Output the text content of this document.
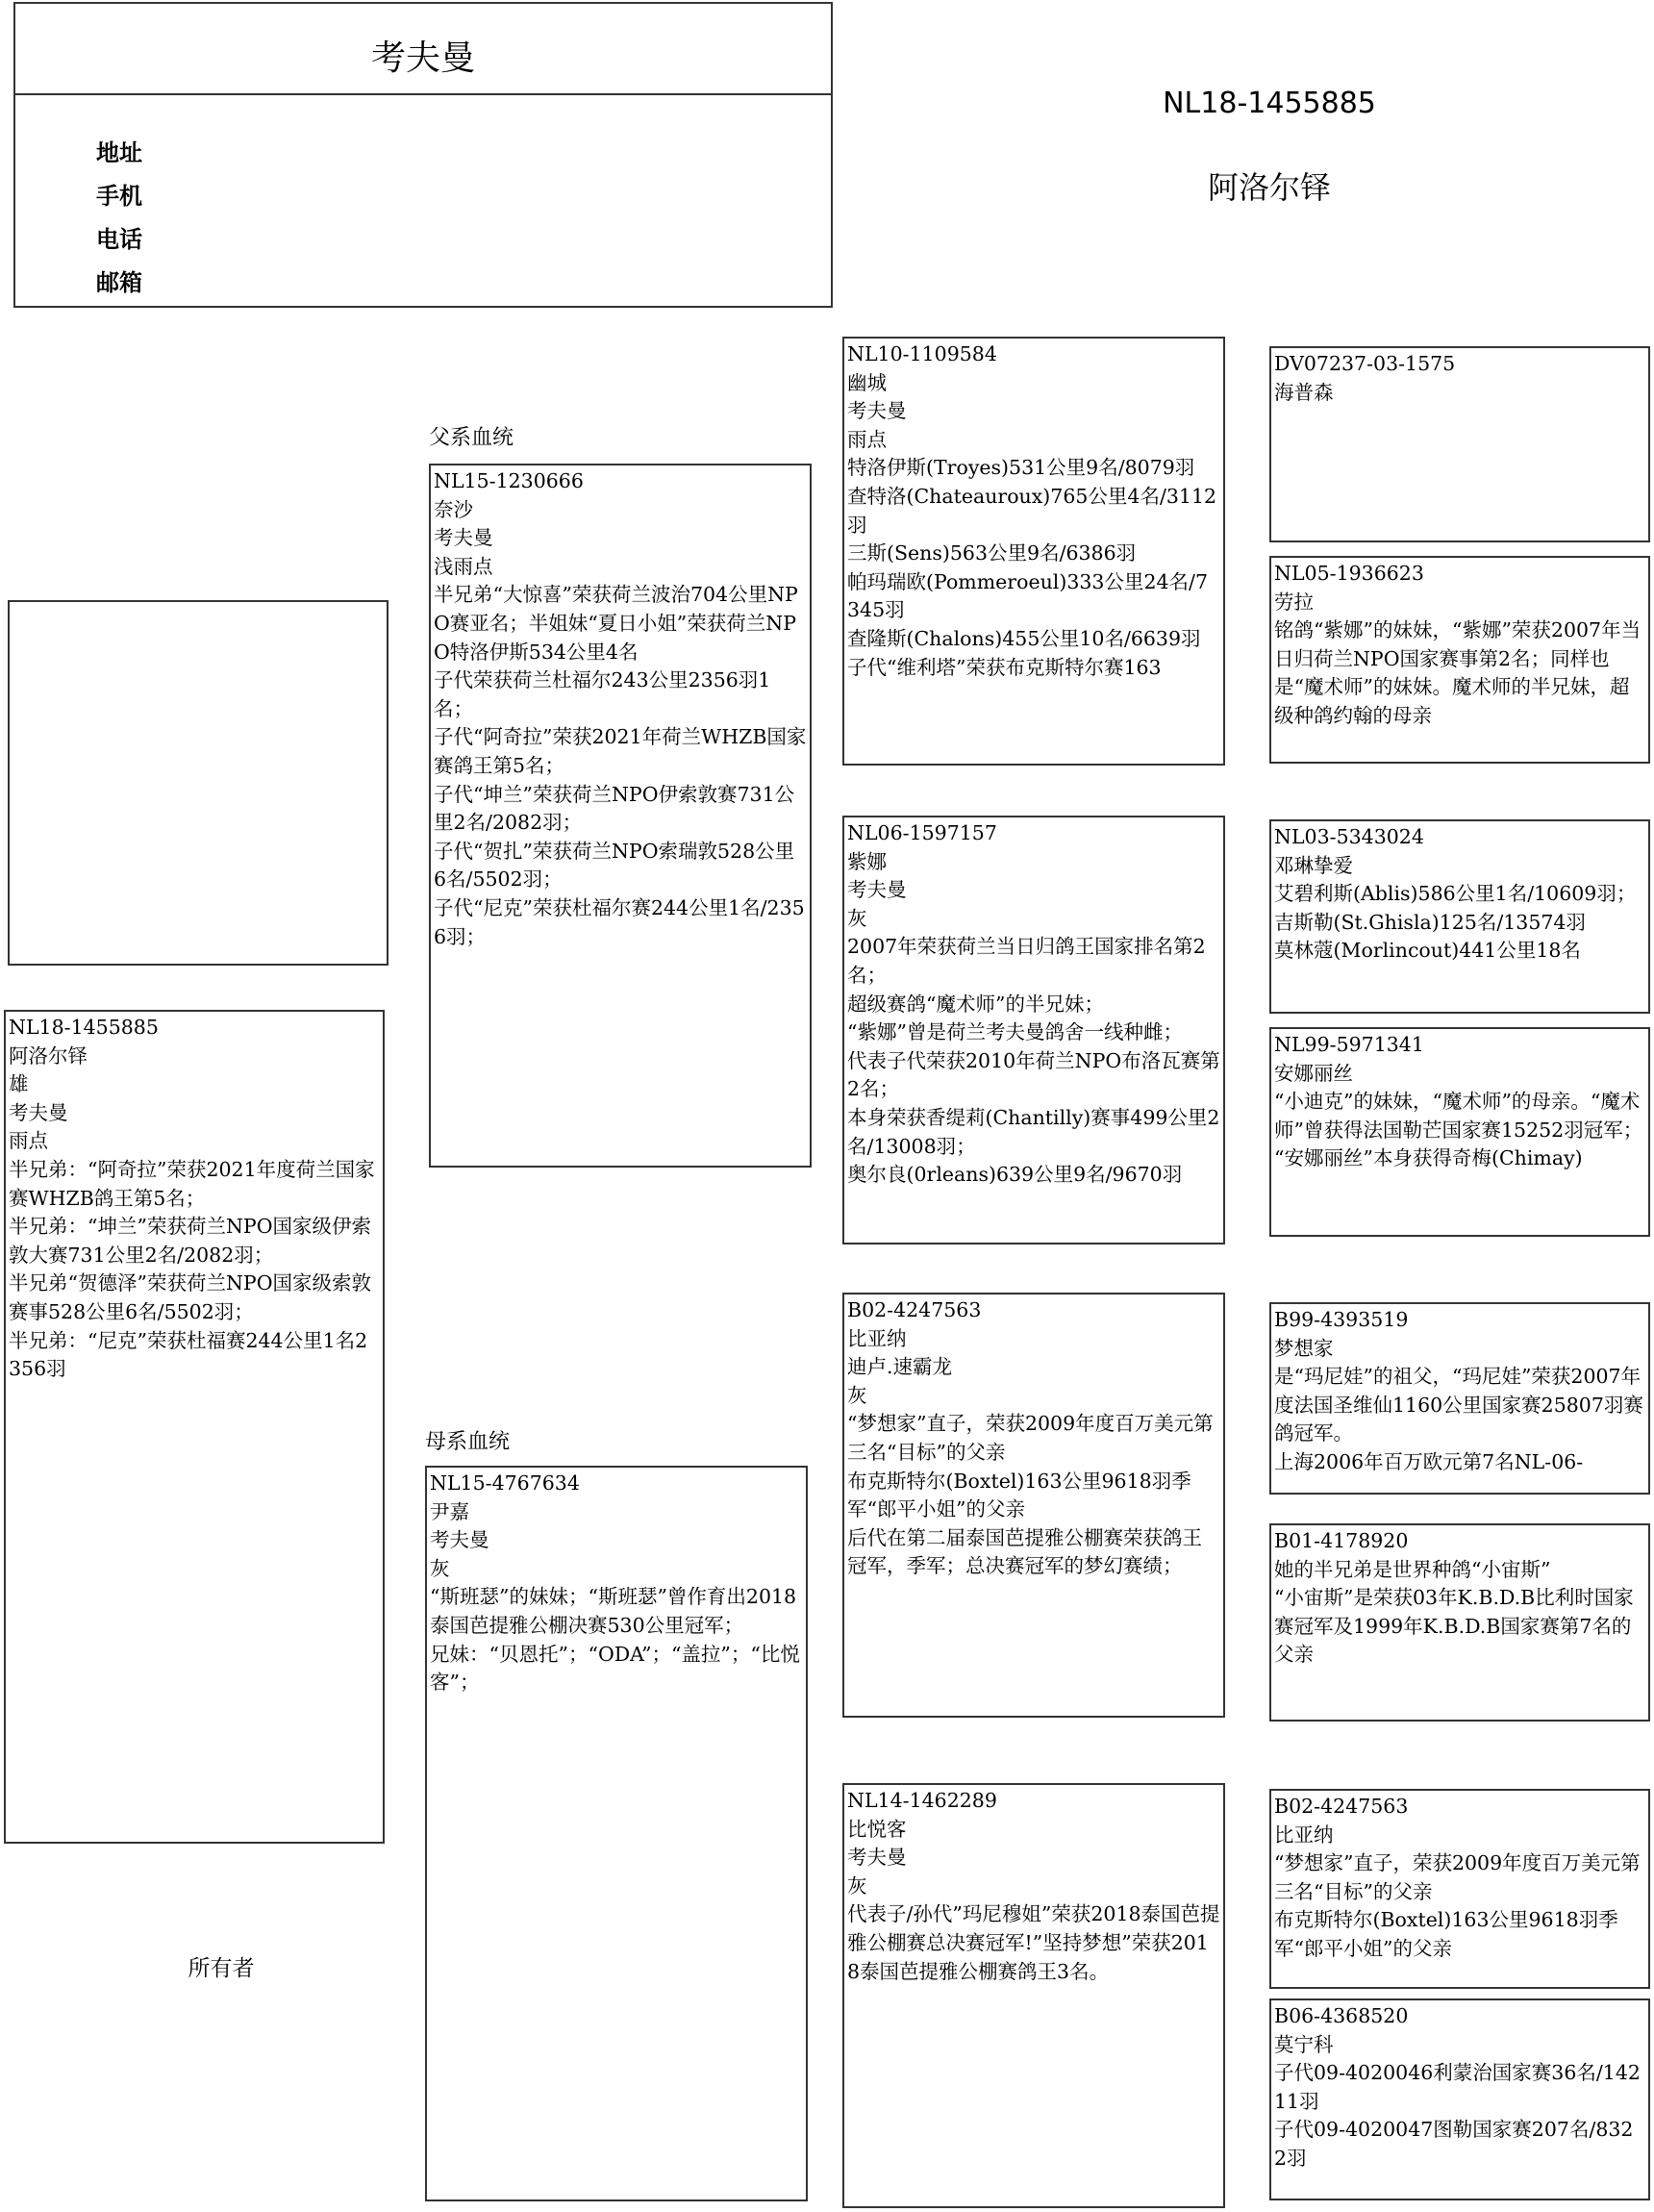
考夫曼
地址
手机
电话
邮箱
NL18-1455885
阿洛尔铎
NL18-1455885
阿洛尔铎
雄
考夫曼
雨点
半兄弟：“阿奇拉”荣获2021年度荷兰国家赛WHZB鸽王第5名；
半兄弟：“坤兰”荣获荷兰NPO国家级伊索敦大赛731公里2名/2082羽；
半兄弟“贺德泽”荣获荷兰NPO国家级索敦赛事528公里6名/5502羽；
半兄弟：“尼克”荣获杜福赛244公里1名2356羽
所有者
父系血统
NL15-1230666
奈沙
考夫曼
浅雨点
半兄弟“大惊喜”荣获荷兰波治704公里NPO赛亚名；半姐妹“夏日小姐”荣获荷兰NPO特洛伊斯534公里4名
子代荣获荷兰杜福尔243公里2356羽1名；
子代“阿奇拉”荣获2021年荷兰WHZB国家赛鸽王第5名；
子代“坤兰”荣获荷兰NPO伊索敦赛731公里2名/2082羽；
子代“贺扎”荣获荷兰NPO索瑞敦528公里6名/5502羽；
子代“尼克”荣获杜福尔赛244公里1名/2356羽；
母系血统
NL15-4767634
尹嘉
考夫曼
灰
“斯班瑟”的妹妹；“斯班瑟”曾作育出2018泰国芭提雅公棚决赛530公里冠军；
兄妹：“贝恩托”；“ODA”；“盖拉”；“比悦客”；
NL10-1109584
幽城
考夫曼
雨点
特洛伊斯(Troyes)531公里9名/8079羽
查特洛(Chateauroux)765公里4名/3112羽
三斯(Sens)563公里9名/6386羽
帕玛瑞欧(Pommeroeul)333公里24名/7345羽
查隆斯(Chalons)455公里10名/6639羽
子代“维利塔”荣获布克斯特尔赛163
NL06-1597157
紫娜
考夫曼
灰
2007年荣获荷兰当日归鸽王国家排名第2名；
超级赛鸽“魔术师”的半兄妹；
“紫娜”曾是荷兰考夫曼鸽舍一线种雌；
代表子代荣获2010年荷兰NPO布洛瓦赛第2名；
本身荣获香缇莉(Chantilly)赛事499公里2名/13008羽；
奥尔良(0rleans)639公里9名/9670羽
B02-4247563
比亚纳
迪卢.速霸龙
灰
“梦想家”直子，荣获2009年度百万美元第三名“目标”的父亲
布克斯特尔(Boxtel)163公里9618羽季军“郎平小姐”的父亲
后代在第二届泰国芭提雅公棚赛荣获鸽王冠军，季军；总决赛冠军的梦幻赛绩；
NL14-1462289
比悦客
考夫曼
灰
代表子/孙代”玛尼穆姐”荣获2018泰国芭提雅公棚赛总决赛冠军!”坚持梦想”荣获2018泰国芭提雅公棚赛鸽王3名。
DV07237-03-1575
海普森
NL05-1936623
劳拉
铭鸽“紫娜”的妹妹，“紫娜”荣获2007年当日归荷兰NPO国家赛事第2名；同样也是“魔术师”的妹妹。魔术师的半兄妹，超级种鸽约翰的母亲
NL03-5343024
邓琳挚爱
艾碧利斯(Ablis)586公里1名/10609羽；
吉斯勒(St.Ghisla)125名/13574羽
莫林蔻(Morlincout)441公里18名
NL99-5971341
安娜丽丝
“小迪克”的妹妹，“魔术师”的母亲。“魔术师”曾获得法国勒芒国家赛15252羽冠军；
“安娜丽丝”本身获得奇梅(Chimay)
B99-4393519
梦想家
是“玛尼娃”的祖父，“玛尼娃”荣获2007年度法国圣维仙1160公里国家赛25807羽赛鸽冠军。
上海2006年百万欧元第7名NL-06-
B01-4178920
她的半兄弟是世界种鸽“小宙斯”
“小宙斯”是荣获03年K.B.D.B比利时国家赛冠军及1999年K.B.D.B国家赛第7名的父亲
B02-4247563
比亚纳
“梦想家”直子，荣获2009年度百万美元第三名“目标”的父亲
布克斯特尔(Boxtel)163公里9618羽季军“郎平小姐”的父亲
B06-4368520
莫宁科
子代09-4020046利蒙治国家赛36名/14211羽
子代09-4020047图勒国家赛207名/8322羽
